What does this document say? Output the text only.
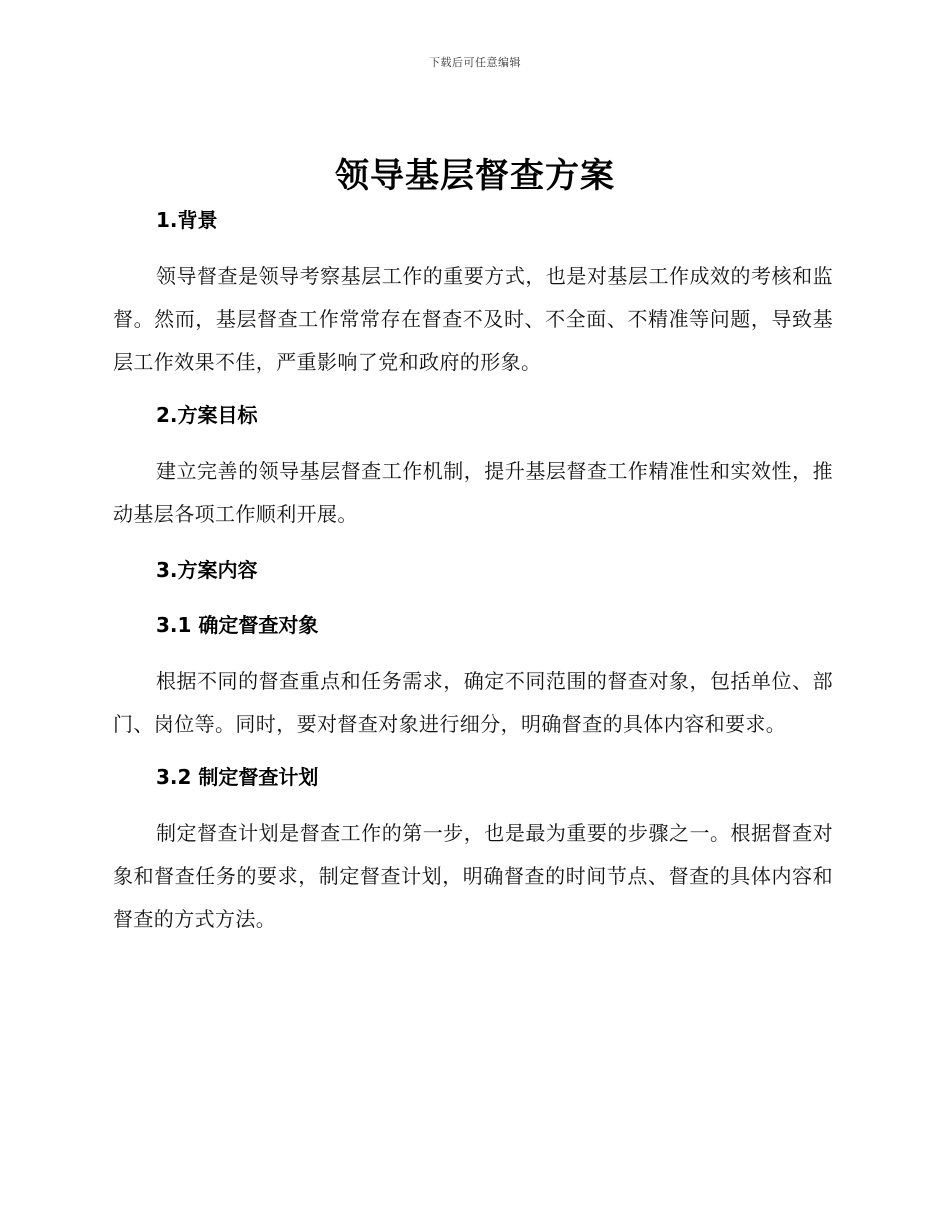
下载后可任意编辑
领导基层督查方案
1.背景
领导督查是领导考察基层工作的重要方式，也是对基层工作成效的考核和监督。然而，基层督查工作常常存在督查不及时、不全面、不精准等问题，导致基层工作效果不佳，严重影响了党和政府的形象。
2.方案目标
建立完善的领导基层督查工作机制，提升基层督查工作精准性和实效性，推动基层各项工作顺利开展。
3.方案内容
3.1 确定督查对象
根据不同的督查重点和任务需求，确定不同范围的督查对象，包括单位、部门、岗位等。同时，要对督查对象进行细分，明确督查的具体内容和要求。
3.2 制定督查计划
制定督查计划是督查工作的第一步，也是最为重要的步骤之一。根据督查对象和督查任务的要求，制定督查计划，明确督查的时间节点、督查的具体内容和督查的方式方法。
